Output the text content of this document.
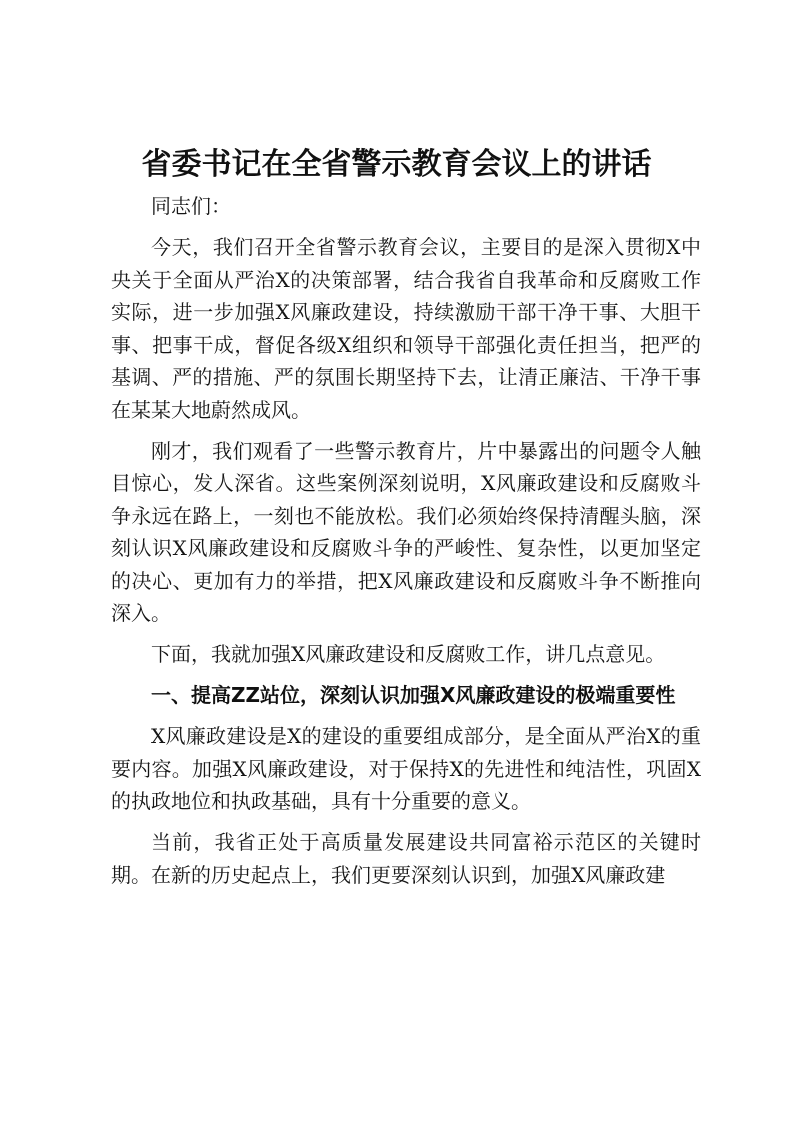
省委书记在全省警示教育会议上的讲话

同志们：

今天，我们召开全省警示教育会议，主要目的是深入贯彻X中央关于全面从严治X的决策部署，结合我省自我革命和反腐败工作实际，进一步加强X风廉政建设，持续激励干部干净干事、大胆干事、把事干成，督促各级X组织和领导干部强化责任担当，把严的基调、严的措施、严的氛围长期坚持下去，让清正廉洁、干净干事在某某大地蔚然成风。

刚才，我们观看了一些警示教育片，片中暴露出的问题令人触目惊心，发人深省。这些案例深刻说明，X风廉政建设和反腐败斗争永远在路上，一刻也不能放松。我们必须始终保持清醒头脑，深刻认识X风廉政建设和反腐败斗争的严峻性、复杂性，以更加坚定的决心、更加有力的举措，把X风廉政建设和反腐败斗争不断推向深入。

下面，我就加强X风廉政建设和反腐败工作，讲几点意见。

一、提高ZZ站位，深刻认识加强X风廉政建设的极端重要性

X风廉政建设是X的建设的重要组成部分，是全面从严治X的重要内容。加强X风廉政建设，对于保持X的先进性和纯洁性，巩固X的执政地位和执政基础，具有十分重要的意义。

当前，我省正处于高质量发展建设共同富裕示范区的关键时期。在新的历史起点上，我们更要深刻认识到，加强X风廉政建
